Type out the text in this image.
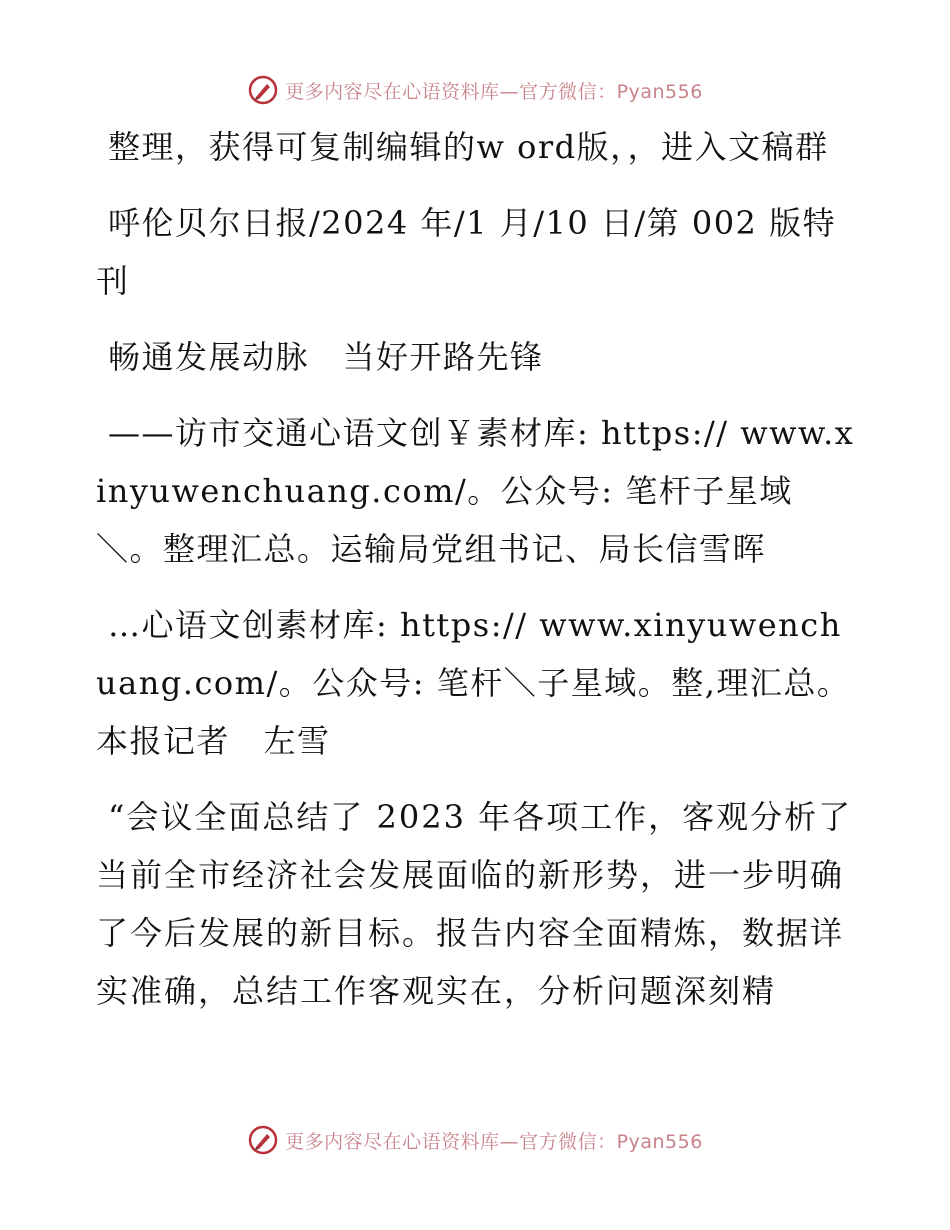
更多内容尽在心语资料库—官方微信：Pyan556

整理，获得可复制编辑的w ord版，，进入文稿群

呼伦贝尔日报/2024 年/1 月/10 日/第 002 版特刊

畅通发展动脉　当好开路先锋

——访市交通心语文创￥素材库: https:// www.xinyuwenchuang.com/。公众号: 笔杆子星域＼。整理汇总。运输局党组书记、局长信雪晖

…心语文创素材库: https:// www.xinyuwenchuang.com/。公众号: 笔杆＼子星域。整,理汇总。本报记者　左雪

“会议全面总结了 2023 年各项工作，客观分析了当前全市经济社会发展面临的新形势，进一步明确了今后发展的新目标。报告内容全面精炼，数据详实准确，总结工作客观实在，分析问题深刻精

更多内容尽在心语资料库—官方微信：Pyan556
